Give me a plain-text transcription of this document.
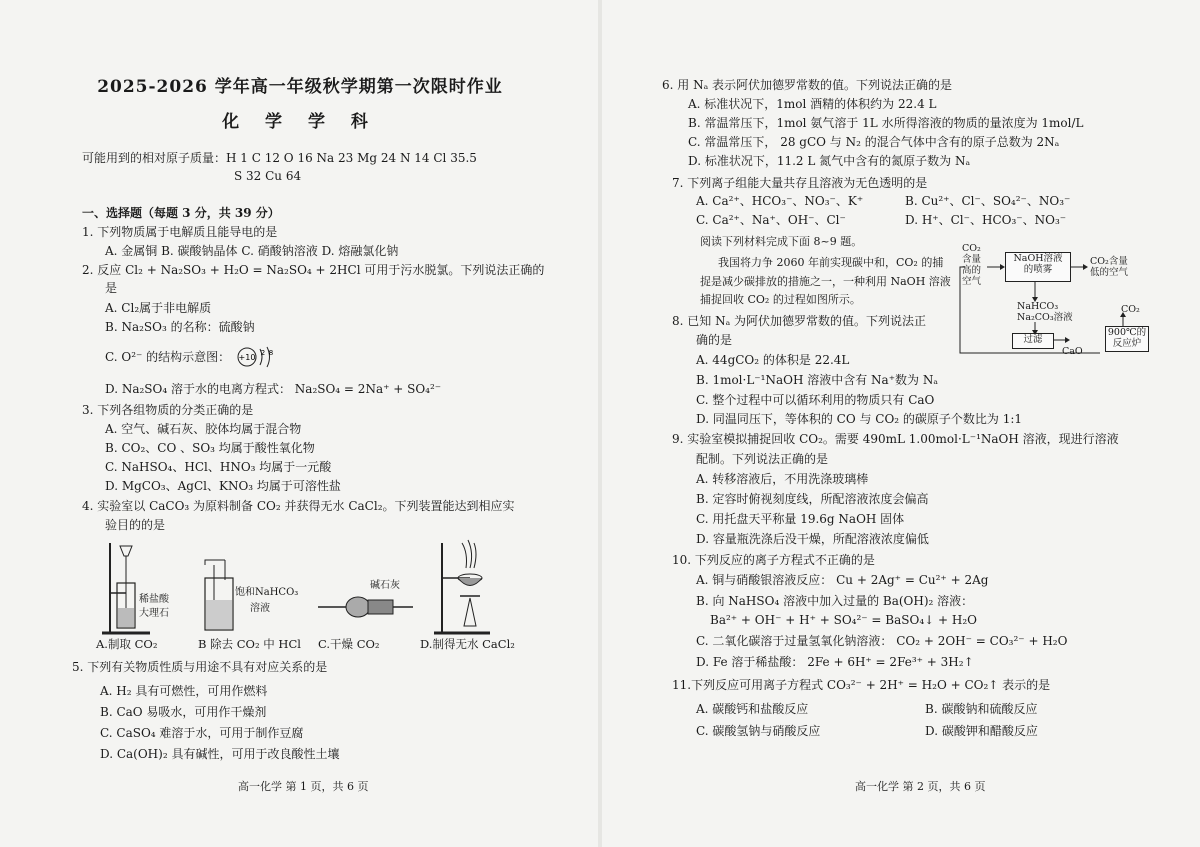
2025-2026 学年高一年级秋学期第一次限时作业
化 学 学 科
可能用到的相对原子质量：H 1 C 12 O 16 Na 23 Mg 24 N 14 Cl 35.5
S 32 Cu 64
一、选择题（每题 3 分，共 39 分）
1. 下列物质属于电解质且能导电的是
A. 金属铜 B. 碳酸钠晶体 C. 硝酸钠溶液 D. 熔融氯化钠
2. 反应 Cl₂ + Na₂SO₃ + H₂O = Na₂SO₄ + 2HCl 可用于污水脱氯。下列说法正确的
是
A. Cl₂属于非电解质
B. Na₂SO₃ 的名称：硫酸钠
C. O²⁻ 的结构示意图： +10 2 8
D. Na₂SO₄ 溶于水的电离方程式： Na₂SO₄ = 2Na⁺ + SO₄²⁻
3. 下列各组物质的分类正确的是
A. 空气、碱石灰、胶体均属于混合物
B. CO₂、CO 、SO₃ 均属于酸性氧化物
C. NaHSO₄、HCl、HNO₃ 均属于一元酸
D. MgCO₃、AgCl、KNO₃ 均属于可溶性盐
4. 实验室以 CaCO₃ 为原料制备 CO₂ 并获得无水 CaCl₂。下列装置能达到相应实
验目的的是
稀盐酸
大理石
饱和NaHCO₃
溶液
碱石灰
A.制取 CO₂	B 除去 CO₂ 中 HCl C.干燥 CO₂	D.制得无水 CaCl₂
5. 下列有关物质性质与用途不具有对应关系的是
A. H₂ 具有可燃性，可用作燃料
B. CaO 易吸水，可用作干燥剂
C. CaSO₄ 难溶于水，可用于制作豆腐
D. Ca(OH)₂ 具有碱性，可用于改良酸性土壤
高一化学 第 1 页，共 6 页
6. 用 Nₐ 表示阿伏加德罗常数的值。下列说法正确的是
A. 标准状况下，1mol 酒精的体积约为 22.4 L
B. 常温常压下，1mol 氨气溶于 1L 水所得溶液的物质的量浓度为 1mol/L
C. 常温常压下， 28 gCO 与 N₂ 的混合气体中含有的原子总数为 2Nₐ
D. 标准状况下，11.2 L 氮气中含有的氮原子数为 Nₐ
7. 下列离子组能大量共存且溶液为无色透明的是
A. Ca²⁺、HCO₃⁻、NO₃⁻、K⁺	B. Cu²⁺、Cl⁻、SO₄²⁻、NO₃⁻
C. Ca²⁺、Na⁺、OH⁻、Cl⁻	D. H⁺、Cl⁻、HCO₃⁻、NO₃⁻
阅读下列材料完成下面 8~9 题。
我国将力争 2060 年前实现碳中和，CO₂ 的捕
捉是减少碳排放的措施之一，一种利用 NaOH 溶液
捕捉回收 CO₂ 的过程如图所示。
CO₂
含量
高的
空气
NaOH溶液
的喷雾
CO₂含量
低的空气
NaHCO₃
Na₂CO₃溶液
CO₂
过滤
900℃的
反应炉
CaO
8. 已知 Nₐ 为阿伏加德罗常数的值。下列说法正
确的是
A. 44gCO₂ 的体积是 22.4L
B. 1mol·L⁻¹NaOH 溶液中含有 Na⁺数为 Nₐ
C. 整个过程中可以循环利用的物质只有 CaO
D. 同温同压下，等体积的 CO 与 CO₂ 的碳原子个数比为 1:1
9. 实验室模拟捕捉回收 CO₂。需要 490mL 1.00mol·L⁻¹NaOH 溶液，现进行溶液
配制。下列说法正确的是
A. 转移溶液后，不用洗涤玻璃棒
B. 定容时俯视刻度线，所配溶液浓度会偏高
C. 用托盘天平称量 19.6g NaOH 固体
D. 容量瓶洗涤后没干燥，所配溶液浓度偏低
10. 下列反应的离子方程式不正确的是
A. 铜与硝酸银溶液反应： Cu + 2Ag⁺ = Cu²⁺ + 2Ag
B. 向 NaHSO₄ 溶液中加入过量的 Ba(OH)₂ 溶液：
Ba²⁺ + OH⁻ + H⁺ + SO₄²⁻ = BaSO₄↓ + H₂O
C. 二氧化碳溶于过量氢氧化钠溶液： CO₂ + 2OH⁻ = CO₃²⁻ + H₂O
D. Fe 溶于稀盐酸： 2Fe + 6H⁺ = 2Fe³⁺ + 3H₂↑
11.下列反应可用离子方程式 CO₃²⁻ + 2H⁺ = H₂O + CO₂↑ 表示的是
A. 碳酸钙和盐酸反应	B. 碳酸钠和硫酸反应
C. 碳酸氢钠与硝酸反应	D. 碳酸钾和醋酸反应
高一化学 第 2 页，共 6 页
